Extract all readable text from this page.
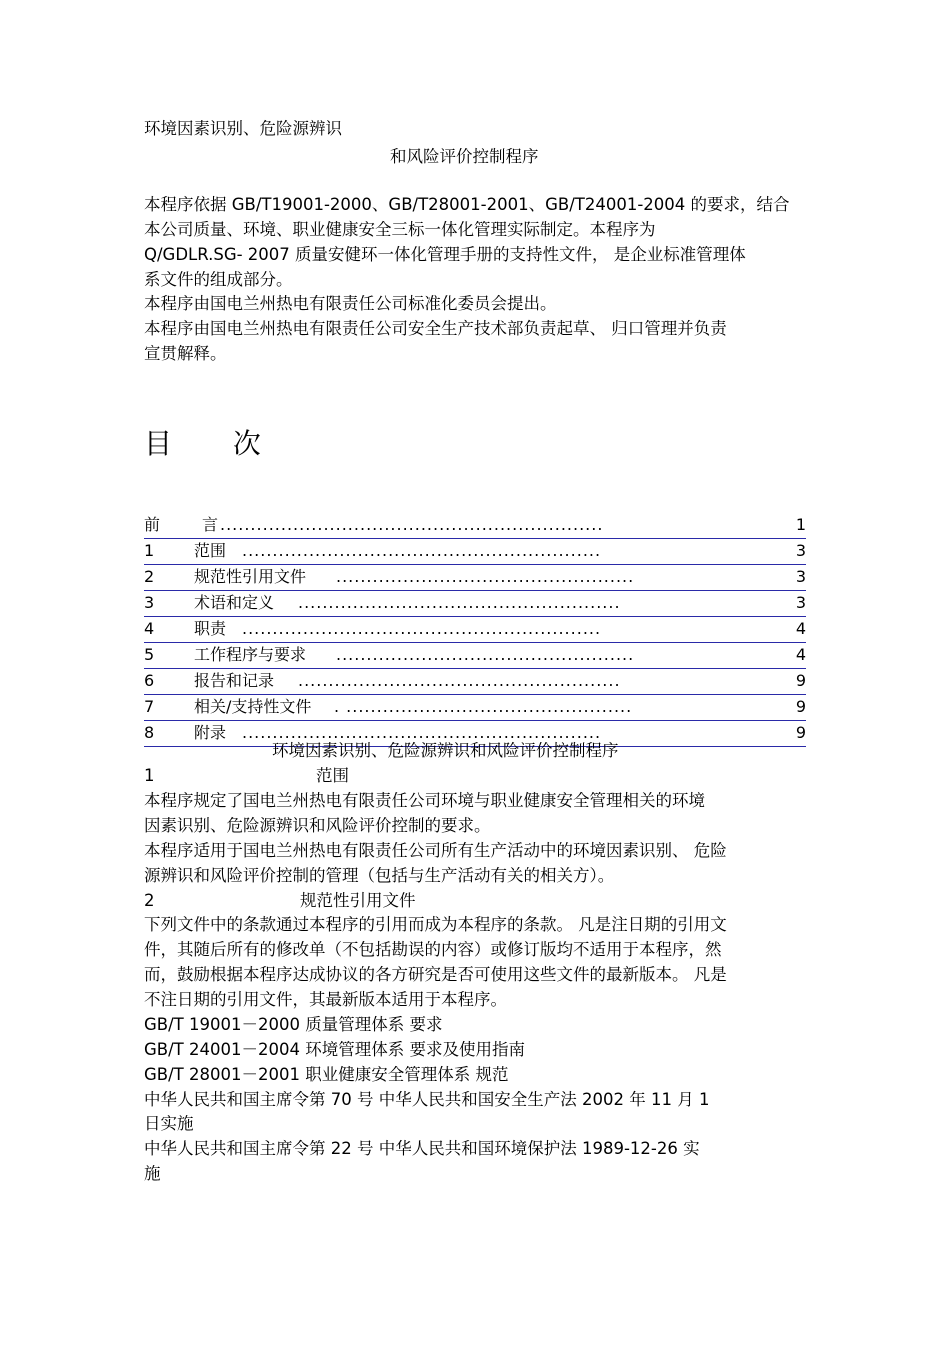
环境因素识别、危险源辨识
和风险评价控制程序
本程序依据 GB/T19001-2000、GB/T28001-2001、GB/T24001-2004 的要求，结合
本公司质量、环境、职业健康安全三标一体化管理实际制定。本程序为
Q/GDLR.SG- 2007 质量安健环一体化管理手册的支持性文件， 是企业标准管理体
系文件的组成部分。
本程序由国电兰州热电有限责任公司标准化委员会提出。
本程序由国电兰州热电有限责任公司安全生产技术部负责起草、 归口管理并负责
宣贯解释。
目 次
前	言 ...............................................................	1
1 范围 ...........................................................	3
2 规范性引用文件 .................................................	3
3 术语和定义 .....................................................	3
4 职责 ...........................................................	4
5 工作程序与要求 .................................................	4
6 报告和记录 .....................................................	9
7 相关/支持性文件 . ...............................................	9
8 附录 ...........................................................	9
环境因素识别、危险源辨识和风险评价控制程序
1	范围
本程序规定了国电兰州热电有限责任公司环境与职业健康安全管理相关的环境
因素识别、危险源辨识和风险评价控制的要求。
本程序适用于国电兰州热电有限责任公司所有生产活动中的环境因素识别、 危险
源辨识和风险评价控制的管理（包括与生产活动有关的相关方）。
2	规范性引用文件
下列文件中的条款通过本程序的引用而成为本程序的条款。 凡是注日期的引用文
件，其随后所有的修改单（不包括勘误的内容）或修订版均不适用于本程序，然
而，鼓励根据本程序达成协议的各方研究是否可使用这些文件的最新版本。 凡是
不注日期的引用文件，其最新版本适用于本程序。
GB/T 19001－2000 质量管理体系 要求
GB/T 24001－2004 环境管理体系 要求及使用指南
GB/T 28001－2001 职业健康安全管理体系 规范
中华人民共和国主席令第 70 号 中华人民共和国安全生产法 2002 年 11 月 1
日实施
中华人民共和国主席令第 22 号 中华人民共和国环境保护法 1989-12-26 实
施
